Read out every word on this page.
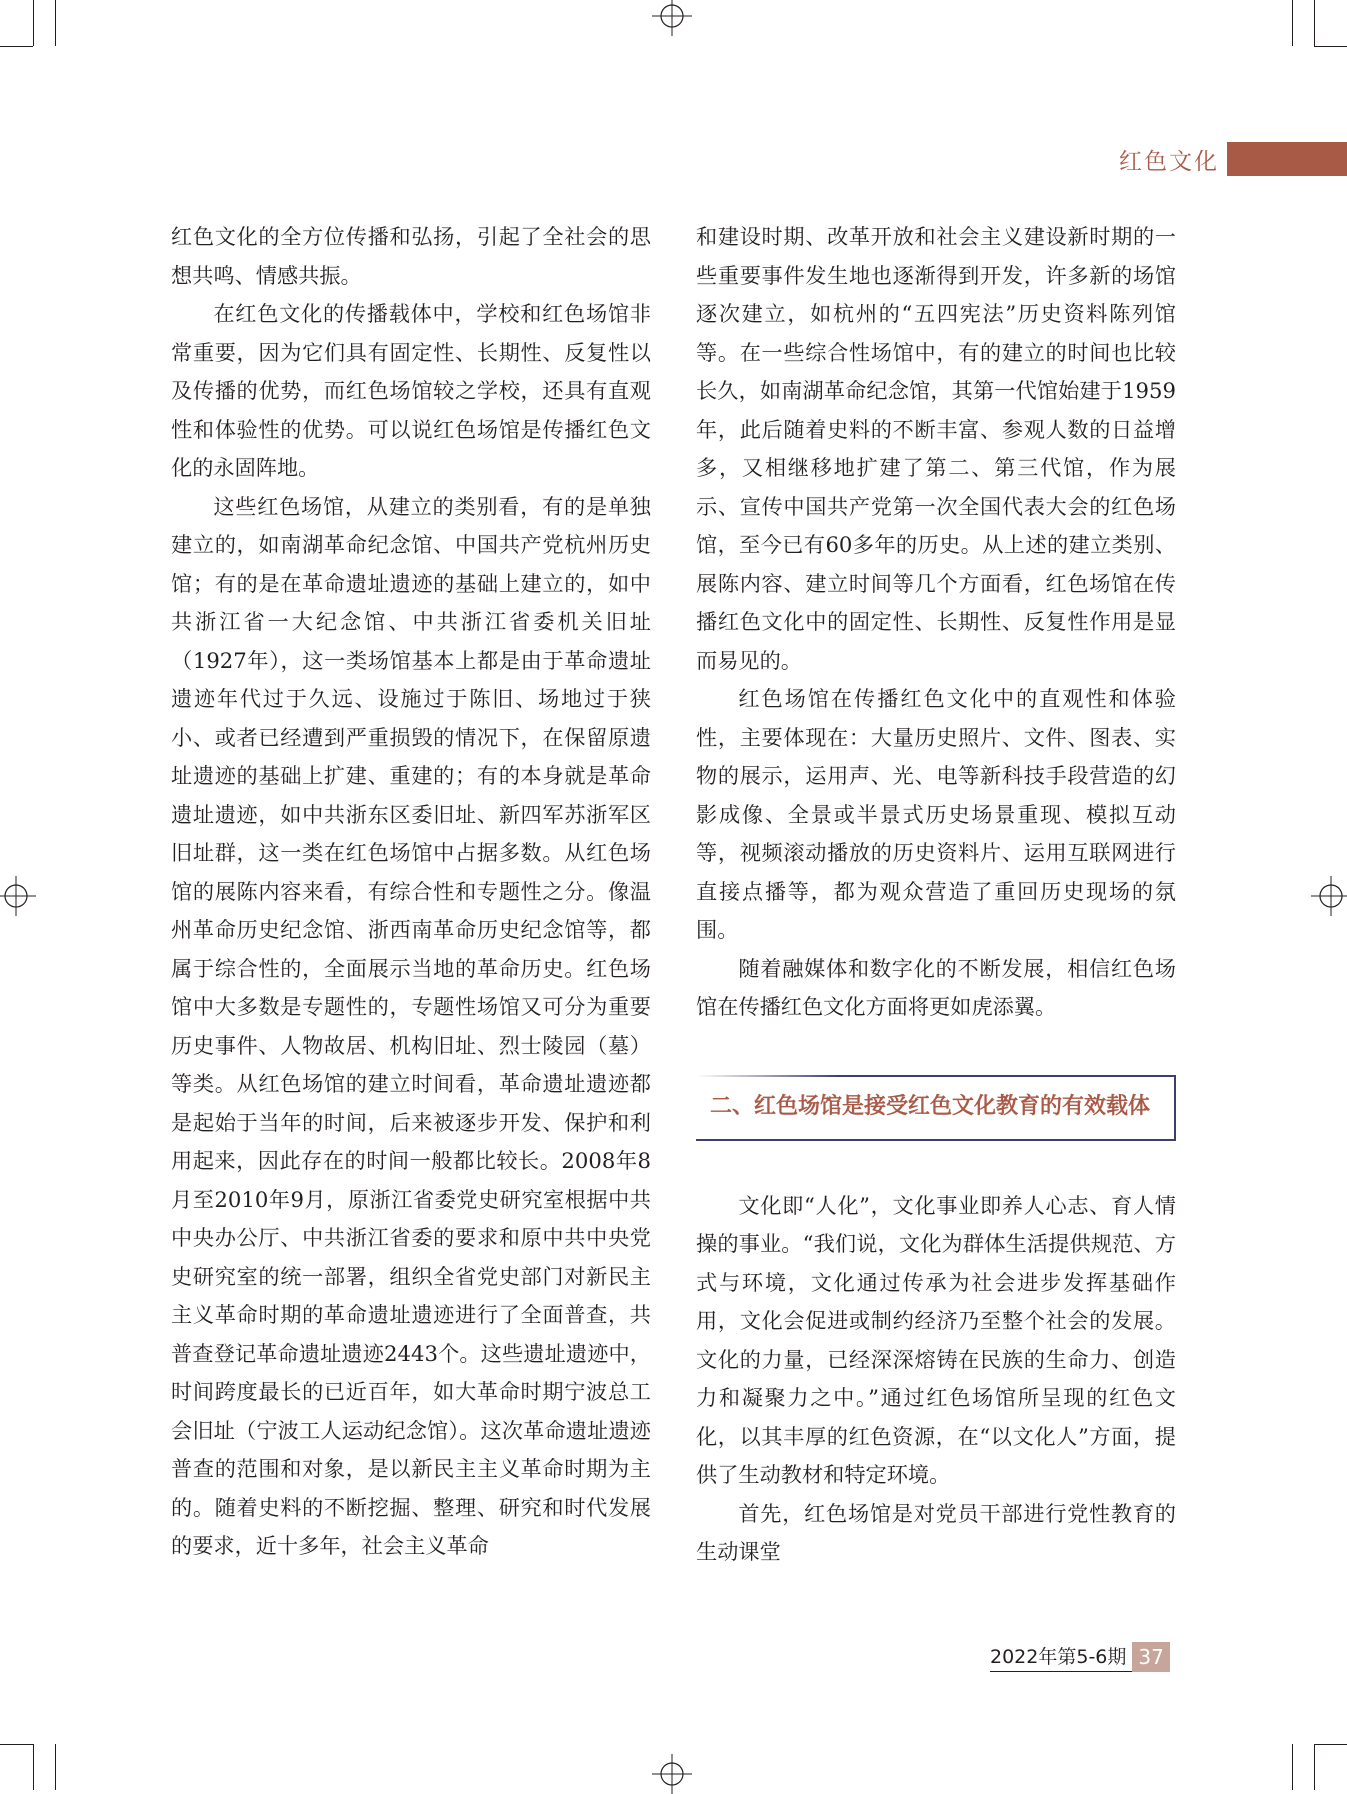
红色文化

红色文化的全方位传播和弘扬，引起了全社会的思想共鸣、情感共振。

在红色文化的传播载体中，学校和红色场馆非常重要，因为它们具有固定性、长期性、反复性以及传播的优势，而红色场馆较之学校，还具有直观性和体验性的优势。可以说红色场馆是传播红色文化的永固阵地。

这些红色场馆，从建立的类别看，有的是单独建立的，如南湖革命纪念馆、中国共产党杭州历史馆；有的是在革命遗址遗迹的基础上建立的，如中共浙江省一大纪念馆、中共浙江省委机关旧址（1927年），这一类场馆基本上都是由于革命遗址遗迹年代过于久远、设施过于陈旧、场地过于狭小、或者已经遭到严重损毁的情况下，在保留原遗址遗迹的基础上扩建、重建的；有的本身就是革命遗址遗迹，如中共浙东区委旧址、新四军苏浙军区旧址群，这一类在红色场馆中占据多数。从红色场馆的展陈内容来看，有综合性和专题性之分。像温州革命历史纪念馆、浙西南革命历史纪念馆等，都属于综合性的，全面展示当地的革命历史。红色场馆中大多数是专题性的，专题性场馆又可分为重要历史事件、人物故居、机构旧址、烈士陵园（墓）等类。从红色场馆的建立时间看，革命遗址遗迹都是起始于当年的时间，后来被逐步开发、保护和利用起来，因此存在的时间一般都比较长。2008年8月至2010年9月，原浙江省委党史研究室根据中共中央办公厅、中共浙江省委的要求和原中共中央党史研究室的统一部署，组织全省党史部门对新民主主义革命时期的革命遗址遗迹进行了全面普查，共普查登记革命遗址遗迹2443个。这些遗址遗迹中，时间跨度最长的已近百年，如大革命时期宁波总工会旧址（宁波工人运动纪念馆）。这次革命遗址遗迹普查的范围和对象，是以新民主主义革命时期为主的。随着史料的不断挖掘、整理、研究和时代发展的要求，近十多年，社会主义革命

和建设时期、改革开放和社会主义建设新时期的一些重要事件发生地也逐渐得到开发，许多新的场馆逐次建立，如杭州的“五四宪法”历史资料陈列馆等。在一些综合性场馆中，有的建立的时间也比较长久，如南湖革命纪念馆，其第一代馆始建于1959年，此后随着史料的不断丰富、参观人数的日益增多，又相继移地扩建了第二、第三代馆，作为展示、宣传中国共产党第一次全国代表大会的红色场馆，至今已有60多年的历史。从上述的建立类别、展陈内容、建立时间等几个方面看，红色场馆在传播红色文化中的固定性、长期性、反复性作用是显而易见的。

红色场馆在传播红色文化中的直观性和体验性，主要体现在：大量历史照片、文件、图表、实物的展示，运用声、光、电等新科技手段营造的幻影成像、全景或半景式历史场景重现、模拟互动等，视频滚动播放的历史资料片、运用互联网进行直接点播等，都为观众营造了重回历史现场的氛围。

随着融媒体和数字化的不断发展，相信红色场馆在传播红色文化方面将更如虎添翼。

二、 红色场馆是接受红色文化教育的有效载体

文化即“人化”，文化事业即养人心志、育人情操的事业。“我们说，文化为群体生活提供规范、方式与环境，文化通过传承为社会进步发挥基础作用，文化会促进或制约经济乃至整个社会的发展。文化的力量，已经深深熔铸在民族的生命力、创造力和凝聚力之中。”通过红色场馆所呈现的红色文化，以其丰厚的红色资源，在“以文化人”方面，提供了生动教材和特定环境。

首先，红色场馆是对党员干部进行党性教育的生动课堂

2022年第5-6期 37
